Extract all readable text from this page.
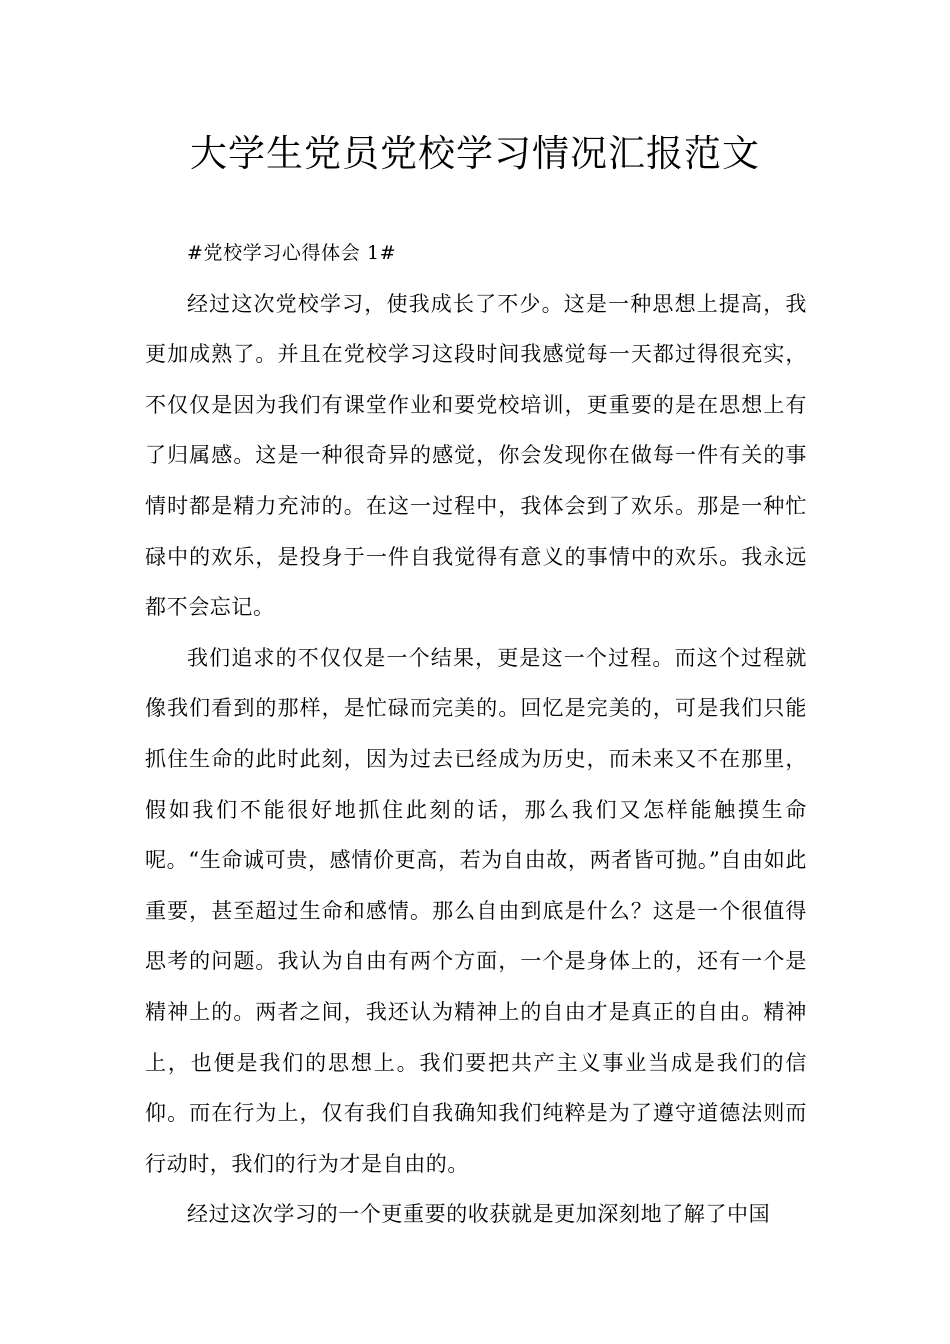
大学生党员党校学习情况汇报范文

#党校学习心得体会 1#

经过这次党校学习，使我成长了不少。这是一种思想上提高，我更加成熟了。并且在党校学习这段时间我感觉每一天都过得很充实，不仅仅是因为我们有课堂作业和要党校培训，更重要的是在思想上有了归属感。这是一种很奇异的感觉，你会发现你在做每一件有关的事情时都是精力充沛的。在这一过程中，我体会到了欢乐。那是一种忙碌中的欢乐，是投身于一件自我觉得有意义的事情中的欢乐。我永远都不会忘记。

我们追求的不仅仅是一个结果，更是这一个过程。而这个过程就像我们看到的那样，是忙碌而完美的。回忆是完美的，可是我们只能抓住生命的此时此刻，因为过去已经成为历史，而未来又不在那里，假如我们不能很好地抓住此刻的话，那么我们又怎样能触摸生命呢。“生命诚可贵，感情价更高，若为自由故，两者皆可抛。”自由如此重要，甚至超过生命和感情。那么自由到底是什么？这是一个很值得思考的问题。我认为自由有两个方面，一个是身体上的，还有一个是精神上的。两者之间，我还认为精神上的自由才是真正的自由。精神上，也便是我们的思想上。我们要把共产主义事业当成是我们的信仰。而在行为上，仅有我们自我确知我们纯粹是为了遵守道德法则而行动时，我们的行为才是自由的。

经过这次学习的一个更重要的收获就是更加深刻地了解了中国
